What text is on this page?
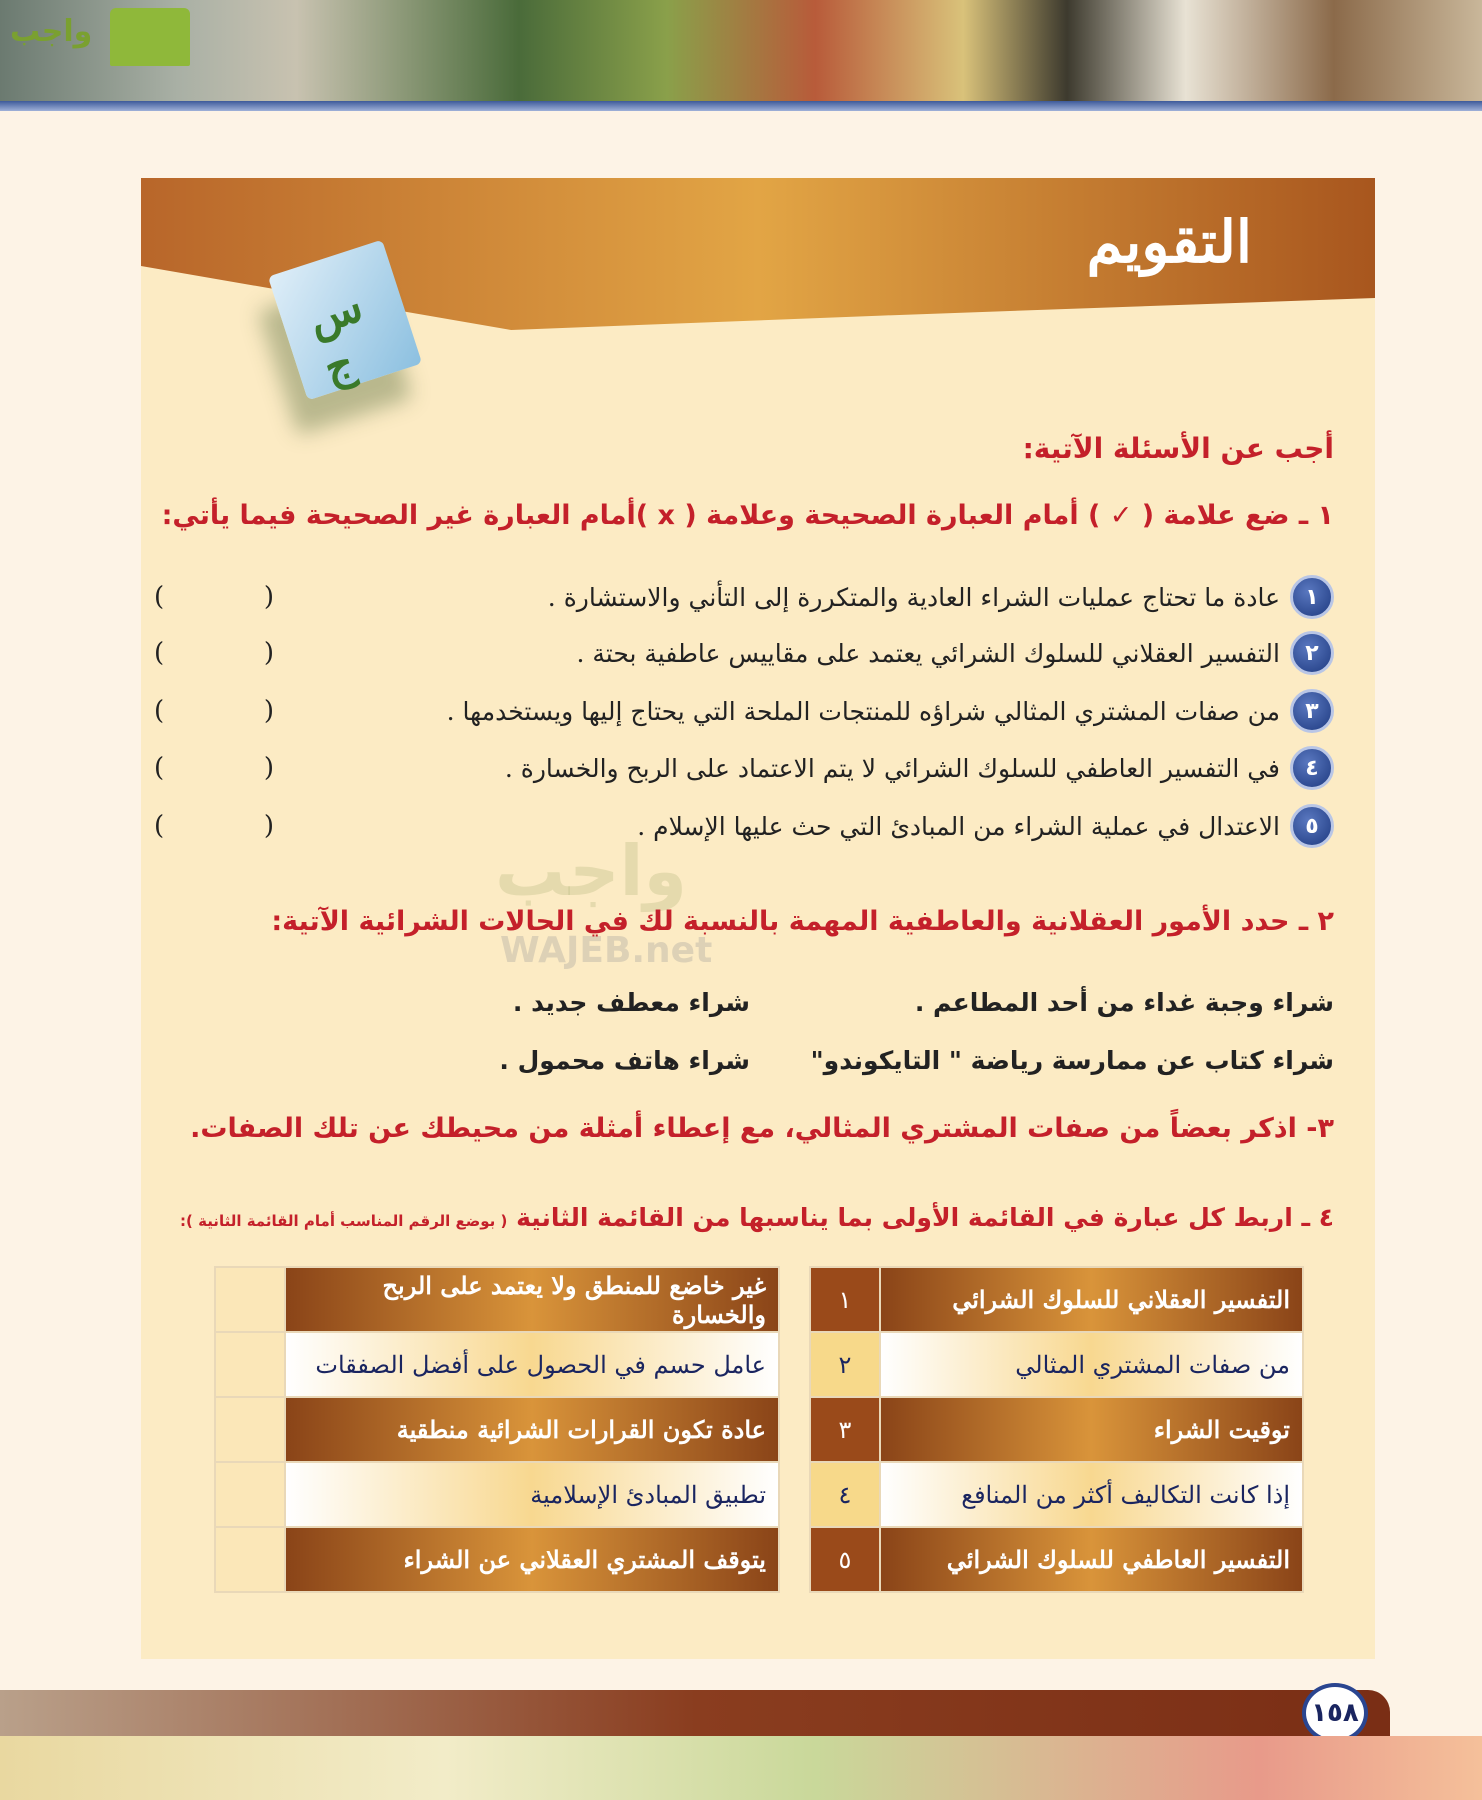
واجب
التقويم
س ج
واجب
WAJEB.net
أجب عن الأسئلة الآتية:
١ ـ ضع علامة ( ✓ ) أمام العبارة الصحيحة وعلامة ( x )أمام العبارة غير الصحيحة فيما يأتي:
١
عادة ما تحتاج عمليات الشراء العادية والمتكررة إلى التأني والاستشارة .
(	)
٢
التفسير العقلاني للسلوك الشرائي يعتمد على مقاييس عاطفية بحتة .
(	)
٣
من صفات المشتري المثالي شراؤه للمنتجات الملحة التي يحتاج إليها ويستخدمها .
(	)
٤
في التفسير العاطفي للسلوك الشرائي لا يتم الاعتماد على الربح والخسارة .
(	)
٥
الاعتدال في عملية الشراء من المبادئ التي حث عليها الإسلام .
(	)
٢ ـ حدد الأمور العقلانية والعاطفية المهمة بالنسبة لك في الحالات الشرائية الآتية:
شراء وجبة غداء من أحد المطاعم .
شراء معطف جديد .
شراء كتاب عن ممارسة رياضة " التايكوندو"
شراء هاتف محمول .
٣- اذكر بعضاً من صفات المشتري المثالي، مع إعطاء أمثلة من محيطك عن تلك الصفات.
٤ ـ اربط كل عبارة في القائمة الأولى بما يناسبها من القائمة الثانية ( بوضع الرقم المناسب أمام القائمة الثانية ):
١	التفسير العقلاني للسلوك الشرائي
٢	من صفات المشتري المثالي
٣	توقيت الشراء
٤	إذا كانت التكاليف أكثر من المنافع
٥	التفسير العاطفي للسلوك الشرائي
	غير خاضع للمنطق ولا يعتمد على الربح والخسارة
	عامل حسم في الحصول على أفضل الصفقات
	عادة تكون القرارات الشرائية منطقية
	تطبيق المبادئ الإسلامية
	يتوقف المشتري العقلاني عن الشراء
١٥٨
